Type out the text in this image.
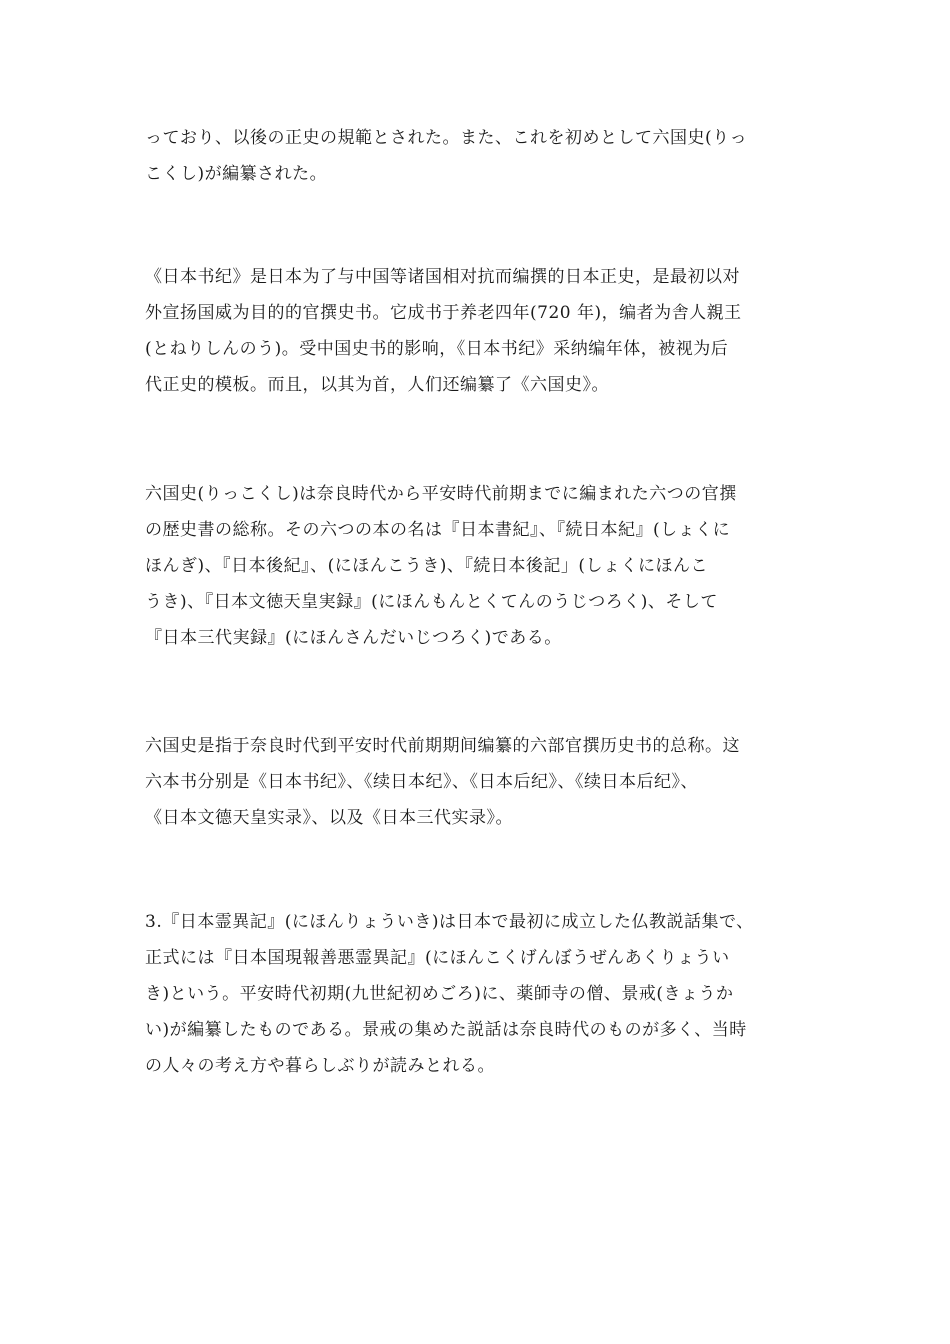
っており、以後の正史の規範とされた。また、これを初めとして六国史(りっ
こくし)が編纂された。
《日本书纪》是日本为了与中国等诸国相对抗而编撰的日本正史，是最初以对
外宣扬国威为目的的官撰史书。它成书于养老四年(720 年)，编者为舎人親王
(とねりしんのう)。受中国史书的影响，《日本书纪》采纳编年体，被视为后
代正史的模板。而且，以其为首，人们还编纂了《六国史》。
六国史(りっこくし)は奈良時代から平安時代前期までに編まれた六つの官撰
の歴史書の総称。その六つの本の名は『日本書紀』、『続日本紀』(しょくに
ほんぎ)、『日本後紀』、(にほんこうき)、『続日本後記」(しょくにほんこ
うき)、『日本文徳天皇実録』(にほんもんとくてんのうじつろく)、そして
『日本三代実録』(にほんさんだいじつろく)である。
六国史是指于奈良时代到平安时代前期期间编纂的六部官撰历史书的总称。这
六本书分别是《日本书纪》、《续日本纪》、《日本后纪》、《续日本后纪》、
《日本文德天皇实录》、以及《日本三代实录》。
3.『日本霊異記』(にほんりょういき)は日本で最初に成立した仏教説話集で、
正式には『日本国現報善悪霊異記』(にほんこくげんぼうぜんあくりょうい
き)という。平安時代初期(九世紀初めごろ)に、薬師寺の僧、景戒(きょうか
い)が編纂したものである。景戒の集めた説話は奈良時代のものが多く、当時
の人々の考え方や暮らしぶりが読みとれる。
